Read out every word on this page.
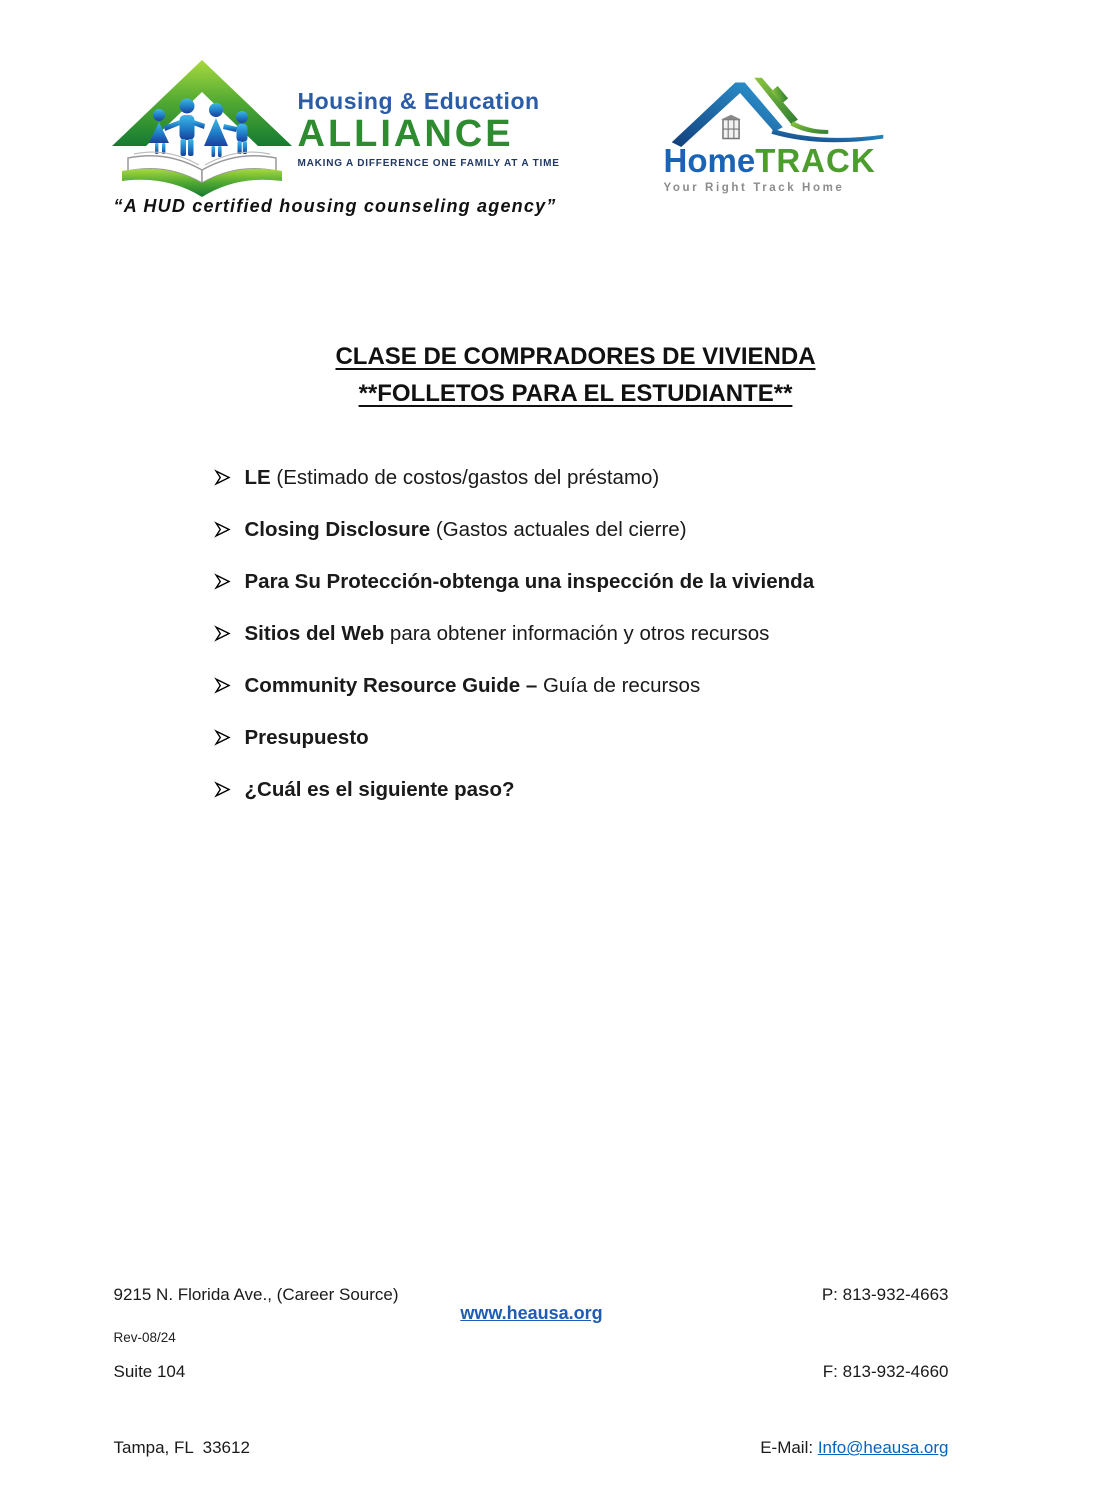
Housing & Education
ALLIANCE
MAKING A DIFFERENCE ONE FAMILY AT A TIME
“A HUD certified housing counseling agency”
HomeTRACK
Your Right Track Home
CLASE DE COMPRADORES DE VIVIENDA
**FOLLETOS PARA EL ESTUDIANTE**
LE (Estimado de costos/gastos del préstamo)
Closing Disclosure (Gastos actuales del cierre)
Para Su Protección-obtenga una inspección de la vivienda
Sitios del Web para obtener información y otros recursos
Community Resource Guide – Guía de recursos
Presupuesto
¿Cuál es el siguiente paso?

9215 N. Florida Ave., (Career Source)

Suite 104

Tampa, FL  33612

P: 813-932-4663

F: 813-932-4660

E-Mail: Info@heausa.org

www.heausa.org
Rev-08/24
